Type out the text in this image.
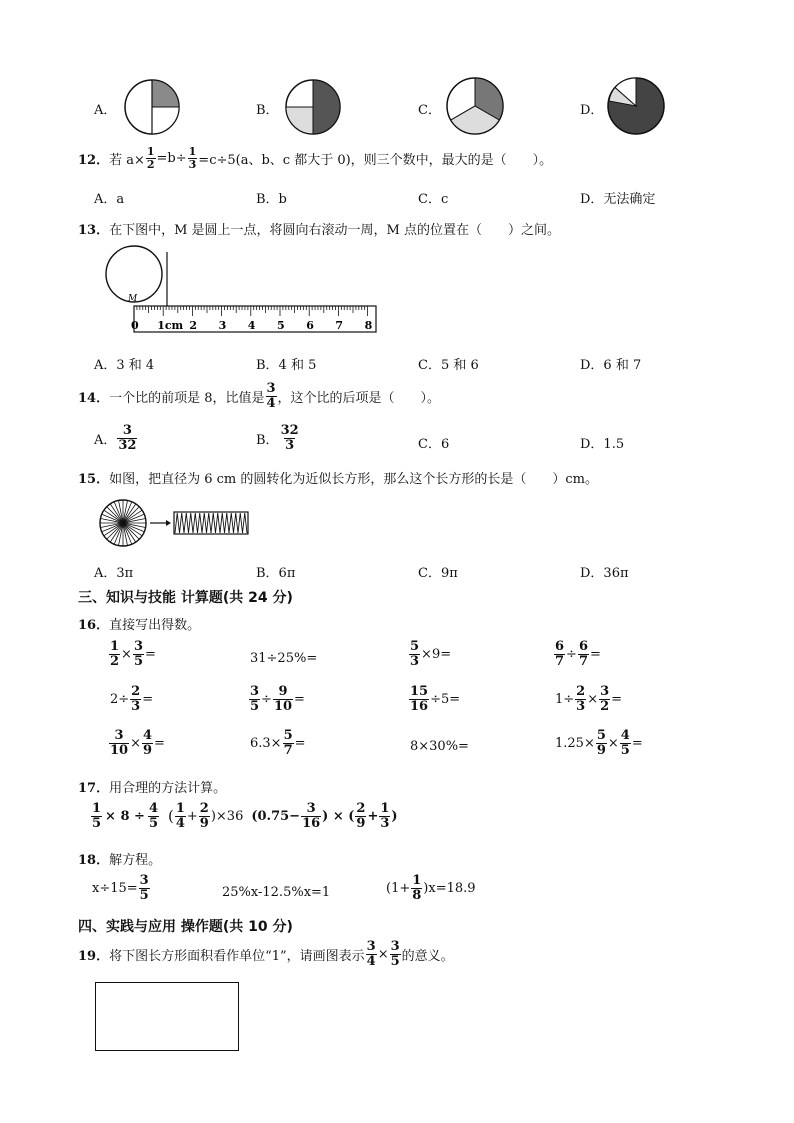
A．	B．	C．	D．
12． 若 $a\times \frac{1}{2} =b\div \frac{1}{3} =c\div 5(a$、b、c 都大于 0)，则三个数中，最大的是（　　）。
A．a	B．b	C．c	D．无法确定
13．在下图中，M 是圆上一点，将圆向右滚动一周，M 点的位置在（　　）之间。
M
0 1cm 2 3 4 5 6 7 8
A．3 和 4	B．4 和 5	C．5 和 6	D．6 和 7
14． 一个比的前项是 8，比值是 $\frac{3}{4}$ ，这个比的后项是（　　）。
A． $\frac{3}{32}$	B． $\frac{32}{3}$	C．6	D．1.5
15．如图，把直径为 6 cm 的圆转化为近似长方形，那么这个长方形的长是（　　）cm。
A．3π	B．6π	C．9π	D．36π
三、知识与技能 计算题(共 24 分)
16．直接写出得数。
$\frac{1}{2} \times \frac{3}{5}$ =	31÷25%=	$\frac{5}{3} \times 9=$	$\frac{6}{7} \div \frac{6}{7}$ =
$2\div \frac{2}{3}$ =	$\frac{3}{5} \div \frac{9}{10}$ =	$\frac{15}{16} \div 5=$	$1\div \frac{2}{3} \times \frac{3}{2}$ =
$\frac{3}{10} \times \frac{4}{9}$ =	$6.3\times \frac{5}{7}$ =	8×30%=	$1.25\times \frac{5}{9} \times \frac{4}{5}$ =
17．用合理的方法计算。
$\frac{1}{5} \times 8 \div \frac{4}{5}$ ( $\frac{1}{4} + \frac{2}{9} )\times 36$ ($0.75- \frac{3}{16}$ ) × ( $\frac{2}{9} + \frac{1}{3}$ )
18．解方程。
$x\div 15= \frac{3}{5}$	25%x-12.5%x=1	$(1+ \frac{1}{8} )x=18.9$
四、实践与应用 操作题(共 10 分)
19． 将下图长方形面积看作单位“1”，请画图表示 $\frac{3}{4} \times \frac{3}{5}$ 的意义。
